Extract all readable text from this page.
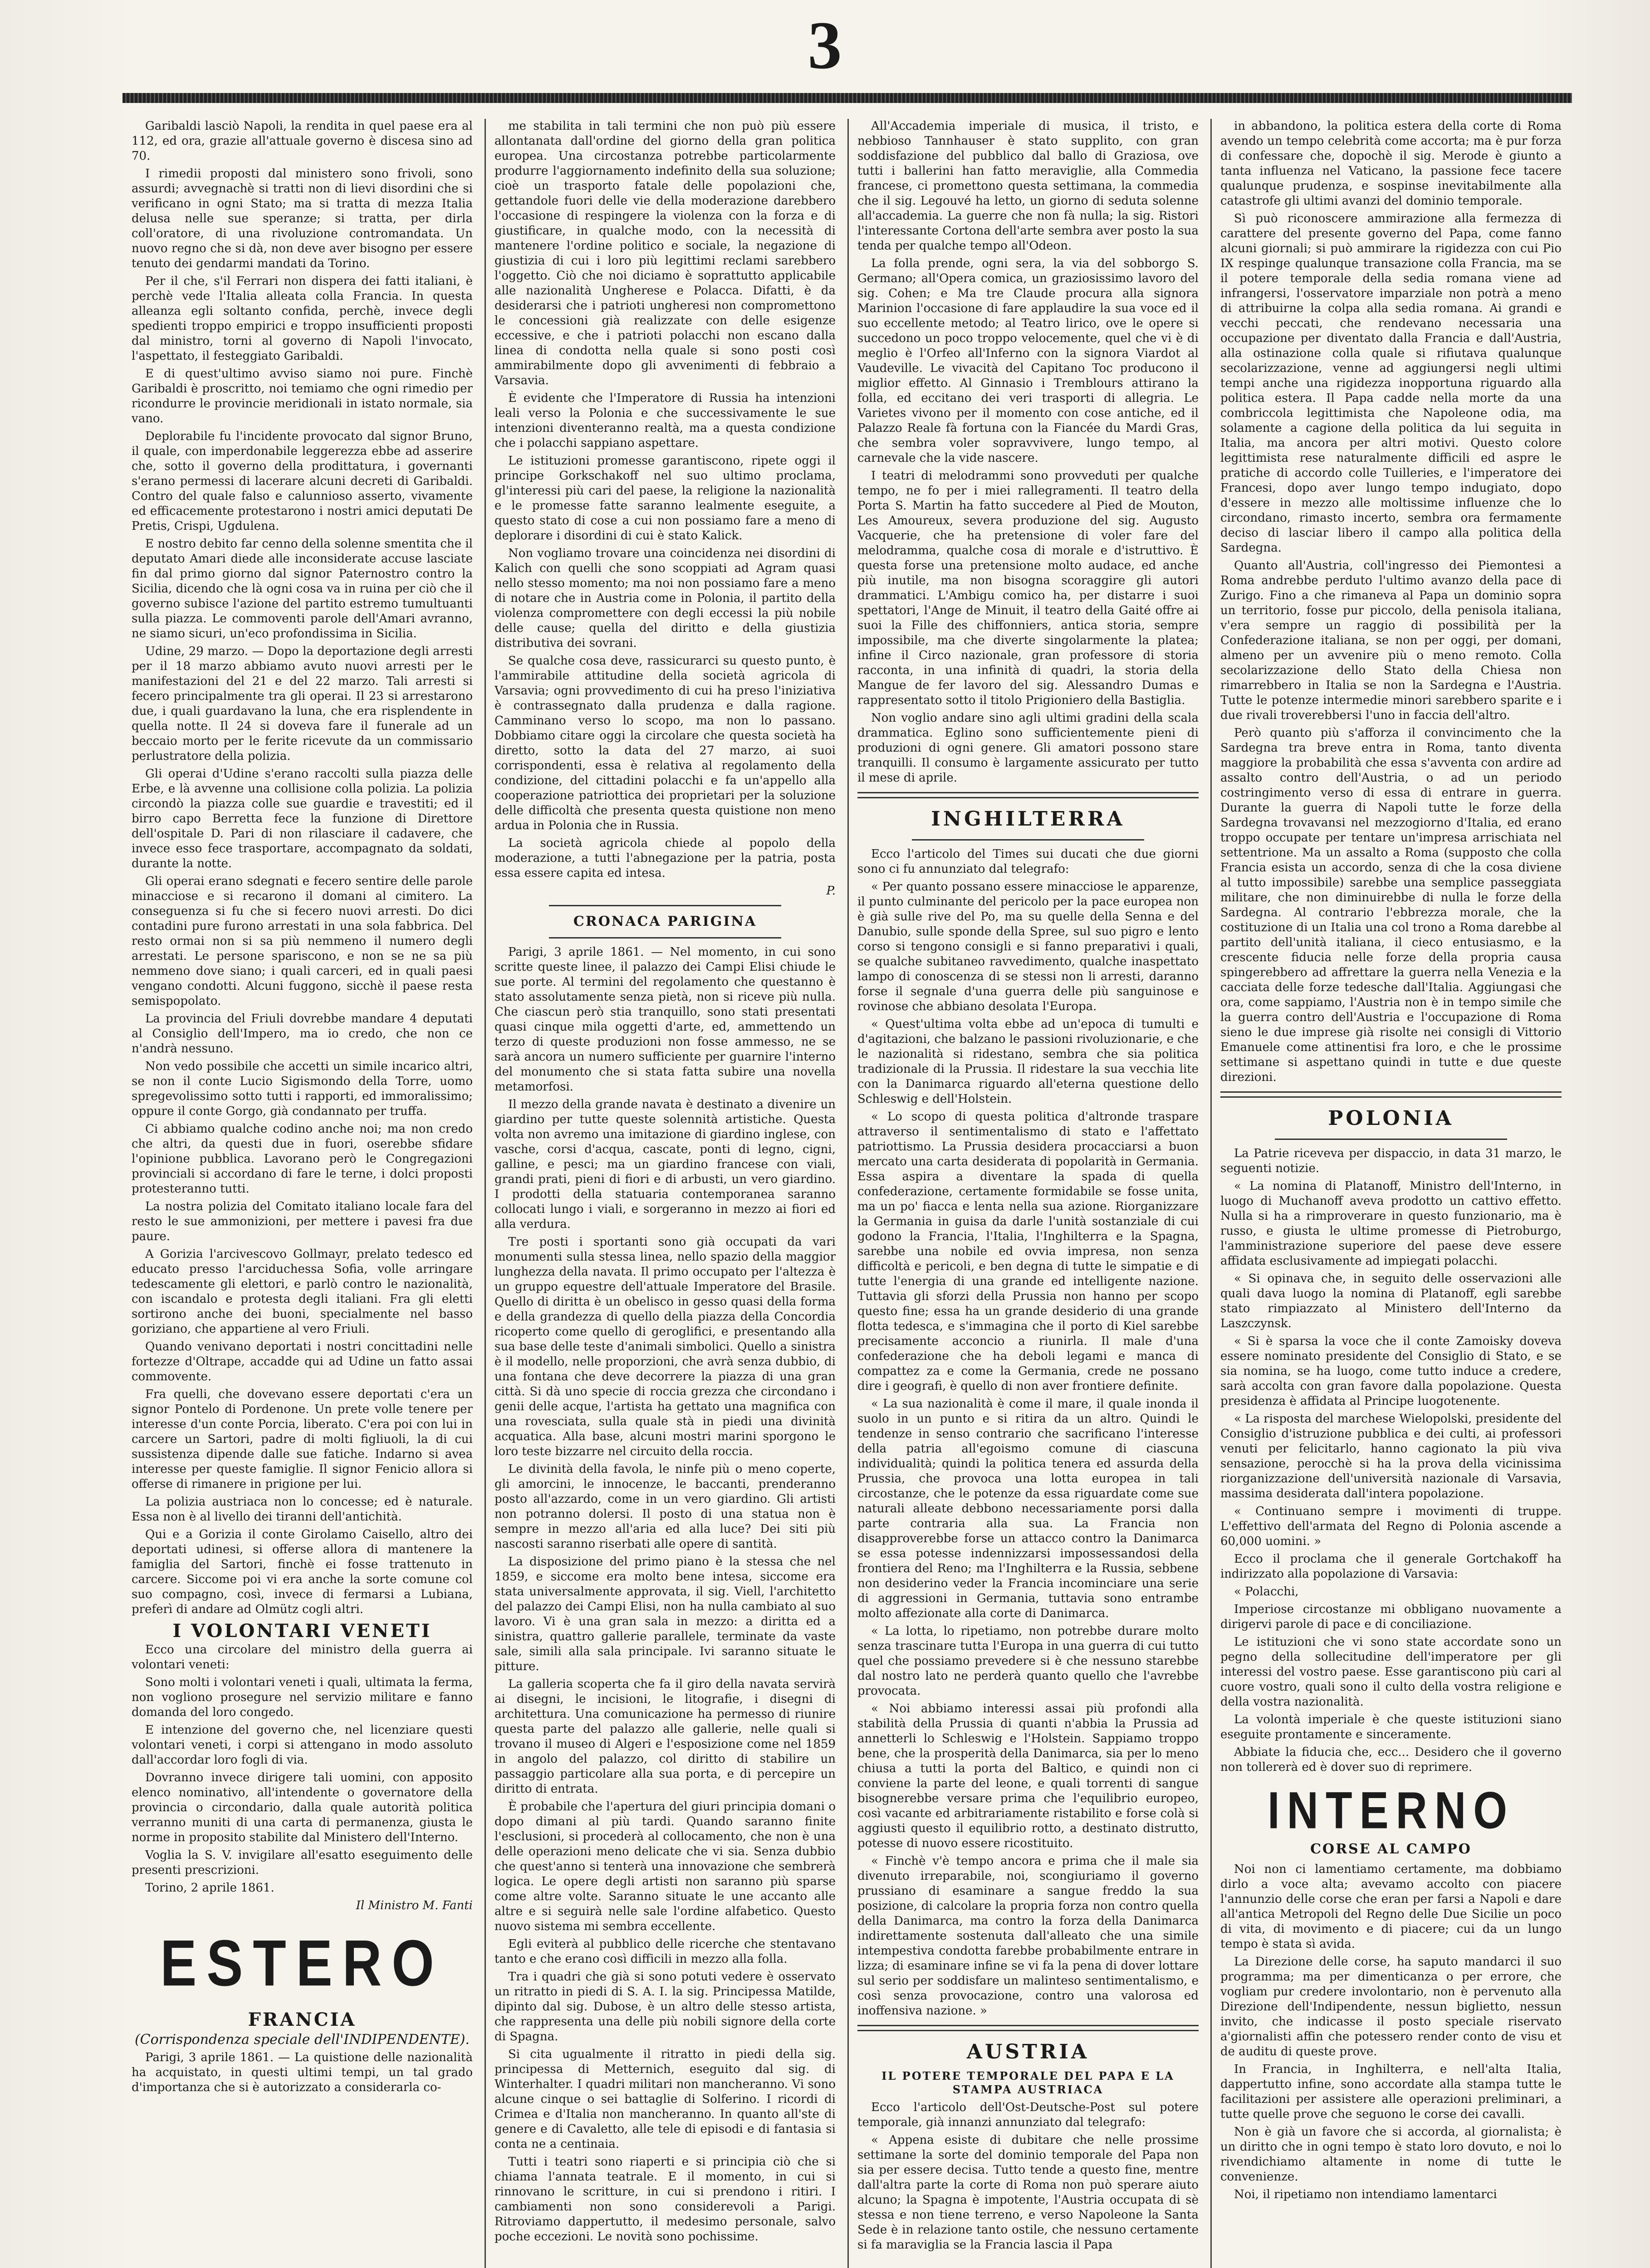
3

Garibaldi lasciò Napoli, la rendita in quel paese era al 112, ed ora, grazie all'attuale governo è discesa sino ad 70.

I rimedii proposti dal ministero sono frivoli, sono assurdi; avvegnachè si tratti non di lievi disordini che si verificano in ogni Stato; ma si tratta di mezza Italia delusa nelle sue speranze; si tratta, per dirla coll'oratore, di una rivoluzione contromandata. Un nuovo regno che si dà, non deve aver bisogno per essere tenuto dei gendarmi mandati da Torino.

Per il che, s'il Ferrari non dispera dei fatti italiani, è perchè vede l'Italia alleata colla Francia. In questa alleanza egli soltanto confida, perchè, invece degli spedienti troppo empirici e troppo insufficienti proposti dal ministro, torni al governo di Napoli l'invocato, l'aspettato, il festeggiato Garibaldi.

E di quest'ultimo avviso siamo noi pure. Finchè Garibaldi è proscritto, noi temiamo che ogni rimedio per ricondurre le provincie meridionali in istato normale, sia vano.

Deplorabile fu l'incidente provocato dal signor Bruno, il quale, con imperdonabile leggerezza ebbe ad asserire che, sotto il governo della prodittatura, i governanti s'erano permessi di lacerare alcuni decreti di Garibaldi. Contro del quale falso e calunnioso asserto, vivamente ed efficacemente protestarono i nostri amici deputati De Pretis, Crispi, Ugdulena.

E nostro debito far cenno della solenne smentita che il deputato Amari diede alle inconsiderate accuse lasciate fin dal primo giorno dal signor Paternostro contro la Sicilia, dicendo che là ogni cosa va in ruina per ciò che il governo subisce l'azione del partito estremo tumultuanti sulla piazza. Le commoventi parole dell'Amari avranno, ne siamo sicuri, un'eco profondissima in Sicilia.

Udine, 29 marzo. — Dopo la deportazione degli arresti per il 18 marzo abbiamo avuto nuovi arresti per le manifestazioni del 21 e del 22 marzo. Tali arresti si fecero principalmente tra gli operai. Il 23 si arrestarono due, i quali guardavano la luna, che era risplendente in quella notte. Il 24 si doveva fare il funerale ad un beccaio morto per le ferite ricevute da un commissario perlustratore della polizia.

Gli operai d'Udine s'erano raccolti sulla piazza delle Erbe, e là avvenne una collisione colla polizia. La polizia circondò la piazza colle sue guardie e travestiti; ed il birro capo Berretta fece la funzione di Direttore dell'ospitale D. Pari di non rilasciare il cadavere, che invece esso fece trasportare, accompagnato da soldati, durante la notte.

Gli operai erano sdegnati e fecero sentire delle parole minacciose e si recarono il domani al cimitero. La conseguenza si fu che si fecero nuovi arresti. Do dici contadini pure furono arrestati in una sola fabbrica. Del resto ormai non si sa più nemmeno il numero degli arrestati. Le persone spariscono, e non se ne sa più nemmeno dove siano; i quali carceri, ed in quali paesi vengano condotti. Alcuni fuggono, sicchè il paese resta semispopolato.

La provincia del Friuli dovrebbe mandare 4 deputati al Consiglio dell'Impero, ma io credo, che non ce n'andrà nessuno.

Non vedo possibile che accetti un simile incarico altri, se non il conte Lucio Sigismondo della Torre, uomo spregevolissimo sotto tutti i rapporti, ed immoralissimo; oppure il conte Gorgo, già condannato per truffa.

Ci abbiamo qualche codino anche noi; ma non credo che altri, da questi due in fuori, oserebbe sfidare l'opinione pubblica. Lavorano però le Congregazioni provinciali si accordano di fare le terne, i dolci proposti protesteranno tutti.

La nostra polizia del Comitato italiano locale fara del resto le sue ammonizioni, per mettere i pavesi fra due paure.

A Gorizia l'arcivescovo Gollmayr, prelato tedesco ed educato presso l'arciduchessa Sofia, volle arringare tedescamente gli elettori, e parlò contro le nazionalità, con iscandalo e protesta degli italiani. Fra gli eletti sortirono anche dei buoni, specialmente nel basso goriziano, che appartiene al vero Friuli.

Quando venivano deportati i nostri concittadini nelle fortezze d'Oltrape, accadde qui ad Udine un fatto assai commovente.

Fra quelli, che dovevano essere deportati c'era un signor Pontelo di Pordenone. Un prete volle tenere per interesse d'un conte Porcia, liberato. C'era poi con lui in carcere un Sartori, padre di molti figliuoli, la di cui sussistenza dipende dalle sue fatiche. Indarno si avea interesse per queste famiglie. Il signor Fenicio allora si offerse di rimanere in prigione per lui.

La polizia austriaca non lo concesse; ed è naturale. Essa non è al livello dei tiranni dell'antichità.

Qui e a Gorizia il conte Girolamo Caisello, altro dei deportati udinesi, si offerse allora di mantenere la famiglia del Sartori, finchè ei fosse trattenuto in carcere. Siccome poi vi era anche la sorte comune col suo compagno, così, invece di fermarsi a Lubiana, preferì di andare ad Olmütz cogli altri.

I VOLONTARI VENETI

Ecco una circolare del ministro della guerra ai volontari veneti:

Sono molti i volontari veneti i quali, ultimata la ferma, non vogliono prosegure nel servizio militare e fanno domanda del loro congedo.

E intenzione del governo che, nel licenziare questi volontari veneti, i corpi si attengano in modo assoluto dall'accordar loro fogli di via.

Dovranno invece dirigere tali uomini, con apposito elenco nominativo, all'intendente o governatore della provincia o circondario, dalla quale autorità politica verranno muniti di una carta di permanenza, giusta le norme in proposito stabilite dal Ministero dell'Interno.

Voglia la S. V. invigilare all'esatto eseguimento delle presenti prescrizioni.

Torino, 2 aprile 1861.

Il Ministro M. Fanti
ESTERO
FRANCIA
(Corrispondenza speciale dell'INDIPENDENTE).

Parigi, 3 aprile 1861. — La quistione delle nazionalità ha acquistato, in questi ultimi tempi, un tal grado d'importanza che si è autorizzato a considerarla co-

me stabilita in tali termini che non può più essere allontanata dall'ordine del giorno della gran politica europea. Una circostanza potrebbe particolarmente produrre l'aggiornamento indefinito della sua soluzione; cioè un trasporto fatale delle popolazioni che, gettandole fuori delle vie della moderazione darebbero l'occasione di respingere la violenza con la forza e di giustificare, in qualche modo, con la necessità di mantenere l'ordine politico e sociale, la negazione di giustizia di cui i loro più legittimi reclami sarebbero l'oggetto. Ciò che noi diciamo è soprattutto applicabile alle nazionalità Ungherese e Polacca. Difatti, è da desiderarsi che i patrioti ungheresi non compromettono le concessioni già realizzate con delle esigenze eccessive, e che i patrioti polacchi non escano dalla linea di condotta nella quale si sono posti così ammirabilmente dopo gli avvenimenti di febbraio a Varsavia.

È evidente che l'Imperatore di Russia ha intenzioni leali verso la Polonia e che successivamente le sue intenzioni diventeranno realtà, ma a questa condizione che i polacchi sappiano aspettare.

Le istituzioni promesse garantiscono, ripete oggi il principe Gorkschakoff nel suo ultimo proclama, gl'interessi più cari del paese, la religione la nazionalità e le promesse fatte saranno lealmente eseguite, a questo stato di cose a cui non possiamo fare a meno di deplorare i disordini di cui è stato Kalick.

Non vogliamo trovare una coincidenza nei disordini di Kalich con quelli che sono scoppiati ad Agram quasi nello stesso momento; ma noi non possiamo fare a meno di notare che in Austria come in Polonia, il partito della violenza compromettere con degli eccessi la più nobile delle cause; quella del diritto e della giustizia distributiva dei sovrani.

Se qualche cosa deve, rassicurarci su questo punto, è l'ammirabile attitudine della società agricola di Varsavia; ogni provvedimento di cui ha preso l'iniziativa è contrassegnato dalla prudenza e dalla ragione. Camminano verso lo scopo, ma non lo passano. Dobbiamo citare oggi la circolare che questa società ha diretto, sotto la data del 27 marzo, ai suoi corrispondenti, essa è relativa al regolamento della condizione, del cittadini polacchi e fa un'appello alla cooperazione patriottica dei proprietari per la soluzione delle difficoltà che presenta questa quistione non meno ardua in Polonia che in Russia.

La società agricola chiede al popolo della moderazione, a tutti l'abnegazione per la patria, posta essa essere capita ed intesa.

P.
CRONACA PARIGINA

Parigi, 3 aprile 1861. — Nel momento, in cui sono scritte queste linee, il palazzo dei Campi Elisi chiude le sue porte. Al termini del regolamento che questanno è stato assolutamente senza pietà, non si riceve più nulla. Che ciascun però stia tranquillo, sono stati presentati quasi cinque mila oggetti d'arte, ed, ammettendo un terzo di queste produzioni non fosse ammesso, ne se sarà ancora un numero sufficiente per guarnire l'interno del monumento che si stata fatta subire una novella metamorfosi.

Il mezzo della grande navata è destinato a divenire un giardino per tutte queste solennità artistiche. Questa volta non avremo una imitazione di giardino inglese, con vasche, corsi d'acqua, cascate, ponti di legno, cigni, galline, e pesci; ma un giardino francese con viali, grandi prati, pieni di fiori e di arbusti, un vero giardino. I prodotti della statuaria contemporanea saranno collocati lungo i viali, e sorgeranno in mezzo ai fiori ed alla verdura.

Tre posti i sportanti sono già occupati da vari monumenti sulla stessa linea, nello spazio della maggior lunghezza della navata. Il primo occupato per l'altezza è un gruppo equestre dell'attuale Imperatore del Brasile. Quello di diritta è un obelisco in gesso quasi della forma e della grandezza di quello della piazza della Concordia ricoperto come quello di geroglifici, e presentando alla sua base delle teste d'animali simbolici. Quello a sinistra è il modello, nelle proporzioni, che avrà senza dubbio, di una fontana che deve decorrere la piazza di una gran città. Si dà uno specie di roccia grezza che circondano i genii delle acque, l'artista ha gettato una magnifica con una rovesciata, sulla quale stà in piedi una divinità acquatica. Alla base, alcuni mostri marini sporgono le loro teste bizzarre nel circuito della roccia.

Le divinità della favola, le ninfe più o meno coperte, gli amorcini, le innocenze, le baccanti, prenderanno posto all'azzardo, come in un vero giardino. Gli artisti non potranno dolersi. Il posto di una statua non è sempre in mezzo all'aria ed alla luce? Dei siti più nascosti saranno riserbati alle opere di santità.

La disposizione del primo piano è la stessa che nel 1859, e siccome era molto bene intesa, siccome era stata universalmente approvata, il sig. Viell, l'architetto del palazzo dei Campi Elisi, non ha nulla cambiato al suo lavoro. Vi è una gran sala in mezzo: a diritta ed a sinistra, quattro gallerie parallele, terminate da vaste sale, simili alla sala principale. Ivi saranno situate le pitture.

La galleria scoperta che fa il giro della navata servirà ai disegni, le incisioni, le litografie, i disegni di architettura. Una comunicazione ha permesso di riunire questa parte del palazzo alle gallerie, nelle quali si trovano il museo di Algeri e l'esposizione come nel 1859 in angolo del palazzo, col diritto di stabilire un passaggio particolare alla sua porta, e di percepire un diritto di entrata.

È probabile che l'apertura del giuri principia domani o dopo dimani al più tardi. Quando saranno finite l'esclusioni, si procederà al collocamento, che non è una delle operazioni meno delicate che vi sia. Senza dubbio che quest'anno si tenterà una innovazione che sembrerà logica. Le opere degli artisti non saranno più sparse come altre volte. Saranno situate le une accanto alle altre e si seguirà nelle sale l'ordine alfabetico. Questo nuovo sistema mi sembra eccellente.

Egli eviterà al pubblico delle ricerche che stentavano tanto e che erano così difficili in mezzo alla folla.

Tra i quadri che già si sono potuti vedere è osservato un ritratto in piedi di S. A. I. la sig. Principessa Matilde, dipinto dal sig. Dubose, è un altro delle stesso artista, che rappresenta una delle più nobili signore della corte di Spagna.

Si cita ugualmente il ritratto in piedi della sig. principessa di Metternich, eseguito dal sig. di Winterhalter. I quadri militari non mancheranno. Vi sono alcune cinque o sei battaglie di Solferino. I ricordi di Crimea e d'Italia non mancheranno. In quanto all'ste di genere e di Cavaletto, alle tele di episodi e di fantasia si conta ne a centinaia.

Tutti i teatri sono riaperti e si principia ciò che si chiama l'annata teatrale. E il momento, in cui si rinnovano le scritture, in cui si prendono i ritiri. I cambiamenti non sono considerevoli a Parigi. Ritroviamo dappertutto, il medesimo personale, salvo poche eccezioni. Le novità sono pochissime.

All'Accademia imperiale di musica, il tristo, e nebbioso Tannhauser è stato supplito, con gran soddisfazione del pubblico dal ballo di Graziosa, ove tutti i ballerini han fatto meraviglie, alla Commedia francese, ci promettono questa settimana, la commedia che il sig. Legouvé ha letto, un giorno di seduta solenne all'accademia. La guerre che non fà nulla; la sig. Ristori l'interessante Cortona dell'arte sembra aver posto la sua tenda per qualche tempo all'Odeon.

La folla prende, ogni sera, la via del sobborgo S. Germano; all'Opera comica, un graziosissimo lavoro del sig. Cohen; e Ma tre Claude procura alla signora Marinion l'occasione di fare applaudire la sua voce ed il suo eccellente metodo; al Teatro lirico, ove le opere si succedono un poco troppo velocemente, quel che vi è di meglio è l'Orfeo all'Inferno con la signora Viardot al Vaudeville. Le vivacità del Capitano Toc producono il miglior effetto. Al Ginnasio i Tremblours attirano la folla, ed eccitano dei veri trasporti di allegria. Le Varietes vivono per il momento con cose antiche, ed il Palazzo Reale fà fortuna con la Fiancée du Mardi Gras, che sembra voler sopravvivere, lungo tempo, al carnevale che la vide nascere.

I teatri di melodrammi sono provveduti per qualche tempo, ne fo per i miei rallegramenti. Il teatro della Porta S. Martin ha fatto succedere al Pied de Mouton, Les Amoureux, severa produzione del sig. Augusto Vacquerie, che ha pretensione di voler fare del melodramma, qualche cosa di morale e d'istruttivo. È questa forse una pretensione molto audace, ed anche più inutile, ma non bisogna scoraggire gli autori drammatici. L'Ambigu comico ha, per distarre i suoi spettatori, l'Ange de Minuit, il teatro della Gaité offre ai suoi la Fille des chiffonniers, antica storia, sempre impossibile, ma che diverte singolarmente la platea; infine il Circo nazionale, gran professore di storia racconta, in una infinità di quadri, la storia della Mangue de fer lavoro del sig. Alessandro Dumas e rappresentato sotto il titolo Prigioniero della Bastiglia.

Non voglio andare sino agli ultimi gradini della scala drammatica. Eglino sono sufficientemente pieni di produzioni di ogni genere. Gli amatori possono stare tranquilli. Il consumo è largamente assicurato per tutto il mese di aprile.

INGHILTERRA

Ecco l'articolo del Times sui ducati che due giorni sono ci fu annunziato dal telegrafo:

« Per quanto possano essere minacciose le apparenze, il punto culminante del pericolo per la pace europea non è già sulle rive del Po, ma su quelle della Senna e del Danubio, sulle sponde della Spree, sul suo pigro e lento corso si tengono consigli e si fanno preparativi i quali, se qualche subitaneo ravvedimento, qualche inaspettato lampo di conoscenza di se stessi non li arresti, daranno forse il segnale d'una guerra delle più sanguinose e rovinose che abbiano desolata l'Europa.

« Quest'ultima volta ebbe ad un'epoca di tumulti e d'agitazioni, che balzano le passioni rivoluzionarie, e che le nazionalità si ridestano, sembra che sia politica tradizionale di la Prussia. Il ridestare la sua vecchia lite con la Danimarca riguardo all'eterna questione dello Schleswig e dell'Holstein.

« Lo scopo di questa politica d'altronde traspare attraverso il sentimentalismo di stato e l'affettato patriottismo. La Prussia desidera procacciarsi a buon mercato una carta desiderata di popolarità in Germania. Essa aspira a diventare la spada di quella confederazione, certamente formidabile se fosse unita, ma un po' fiacca e lenta nella sua azione. Riorganizzare la Germania in guisa da darle l'unità sostanziale di cui godono la Francia, l'Italia, l'Inghilterra e la Spagna, sarebbe una nobile ed ovvia impresa, non senza difficoltà e pericoli, e ben degna di tutte le simpatie e di tutte l'energia di una grande ed intelligente nazione. Tuttavia gli sforzi della Prussia non hanno per scopo questo fine; essa ha un grande desiderio di una grande flotta tedesca, e s'immagina che il porto di Kiel sarebbe precisamente acconcio a riunirla. Il male d'una confederazione che ha deboli legami e manca di compattez za e come la Germania, crede ne possano dire i geografi, è quello di non aver frontiere definite.

« La sua nazionalità è come il mare, il quale inonda il suolo in un punto e si ritira da un altro. Quindi le tendenze in senso contrario che sacrificano l'interesse della patria all'egoismo comune di ciascuna individualità; quindi la politica tenera ed assurda della Prussia, che provoca una lotta europea in tali circostanze, che le potenze da essa riguardate come sue naturali alleate debbono necessariamente porsi dalla parte contraria alla sua. La Francia non disapproverebbe forse un attacco contro la Danimarca se essa potesse indennizzarsi impossessandosi della frontiera del Reno; ma l'Inghilterra e la Russia, sebbene non desiderino veder la Francia incominciare una serie di aggressioni in Germania, tuttavia sono entrambe molto affezionate alla corte di Danimarca.

« La lotta, lo ripetiamo, non potrebbe durare molto senza trascinare tutta l'Europa in una guerra di cui tutto quel che possiamo prevedere si è che nessuno starebbe dal nostro lato ne perderà quanto quello che l'avrebbe provocata.

« Noi abbiamo interessi assai più profondi alla stabilità della Prussia di quanti n'abbia la Prussia ad annetterli lo Schleswig e l'Holstein. Sappiamo troppo bene, che la prosperità della Danimarca, sia per lo meno chiusa a tutti la porta del Baltico, e quindi non ci conviene la parte del leone, e quali torrenti di sangue bisognerebbe versare prima che l'equilibrio europeo, così vacante ed arbitrariamente ristabilito e forse colà si aggiusti questo il equilibrio rotto, a destinato distrutto, potesse di nuovo essere ricostituito.

« Finchè v'è tempo ancora e prima che il male sia divenuto irreparabile, noi, scongiuriamo il governo prussiano di esaminare a sangue freddo la sua posizione, di calcolare la propria forza non contro quella della Danimarca, ma contro la forza della Danimarca indirettamente sostenuta dall'alleato che una simile intempestiva condotta farebbe probabilmente entrare in lizza; di esaminare infine se vi fa la pena di dover lottare sul serio per soddisfare un malinteso sentimentalismo, e così senza provocazione, contro una valorosa ed inoffensiva nazione. »

AUSTRIA
IL POTERE TEMPORALE DEL PAPA E LA STAMPA AUSTRIACA

Ecco l'articolo dell'Ost-Deutsche-Post sul potere temporale, già innanzi annunziato dal telegrafo:

« Appena esiste di dubitare che nelle prossime settimane la sorte del dominio temporale del Papa non sia per essere decisa. Tutto tende a questo fine, mentre dall'altra parte la corte di Roma non può sperare aiuto alcuno; la Spagna è impotente, l'Austria occupata di sè stessa e non tiene terreno, e verso Napoleone la Santa Sede è in relazione tanto ostile, che nessuno certamente si fa maraviglia se la Francia lascia il Papa

in abbandono, la politica estera della corte di Roma avendo un tempo celebrità come accorta; ma è pur forza di confessare che, dopochè il sig. Merode è giunto a tanta influenza nel Vaticano, la passione fece tacere qualunque prudenza, e sospinse inevitabilmente alla catastrofe gli ultimi avanzi del dominio temporale.

Sì può riconoscere ammirazione alla fermezza di carattere del presente governo del Papa, come fanno alcuni giornali; si può ammirare la rigidezza con cui Pio IX respinge qualunque transazione colla Francia, ma se il potere temporale della sedia romana viene ad infrangersi, l'osservatore imparziale non potrà a meno di attribuirne la colpa alla sedia romana. Ai grandi e vecchi peccati, che rendevano necessaria una occupazione per diventato dalla Francia e dall'Austria, alla ostinazione colla quale si rifiutava qualunque secolarizzazione, venne ad aggiungersi negli ultimi tempi anche una rigidezza inopportuna riguardo alla politica estera. Il Papa cadde nella morte da una combriccola legittimista che Napoleone odia, ma solamente a cagione della politica da lui seguita in Italia, ma ancora per altri motivi. Questo colore legittimista rese naturalmente difficili ed aspre le pratiche di accordo colle Tuilleries, e l'imperatore dei Francesi, dopo aver lungo tempo indugiato, dopo d'essere in mezzo alle moltissime influenze che lo circondano, rimasto incerto, sembra ora fermamente deciso di lasciar libero il campo alla politica della Sardegna.

Quanto all'Austria, coll'ingresso dei Piemontesi a Roma andrebbe perduto l'ultimo avanzo della pace di Zurigo. Fino a che rimaneva al Papa un dominio sopra un territorio, fosse pur piccolo, della penisola italiana, v'era sempre un raggio di possibilità per la Confederazione italiana, se non per oggi, per domani, almeno per un avvenire più o meno remoto. Colla secolarizzazione dello Stato della Chiesa non rimarrebbero in Italia se non la Sardegna e l'Austria. Tutte le potenze intermedie minori sarebbero sparite e i due rivali troverebbersi l'uno in faccia dell'altro.

Però quanto più s'afforza il convincimento che la Sardegna tra breve entra in Roma, tanto diventa maggiore la probabilità che essa s'avventa con ardire ad assalto contro dell'Austria, o ad un periodo costringimento verso di essa di entrare in guerra. Durante la guerra di Napoli tutte le forze della Sardegna trovavansi nel mezzogiorno d'Italia, ed erano troppo occupate per tentare un'impresa arrischiata nel settentrione. Ma un assalto a Roma (supposto che colla Francia esista un accordo, senza di che la cosa diviene al tutto impossibile) sarebbe una semplice passeggiata militare, che non diminuirebbe di nulla le forze della Sardegna. Al contrario l'ebbrezza morale, che la costituzione di un Italia una col trono a Roma darebbe al partito dell'unità italiana, il cieco entusiasmo, e la crescente fiducia nelle forze della propria causa spingerebbero ad affrettare la guerra nella Venezia e la cacciata delle forze tedesche dall'Italia. Aggiungasi che ora, come sappiamo, l'Austria non è in tempo simile che la guerra contro dell'Austria e l'occupazione di Roma sieno le due imprese già risolte nei consigli di Vittorio Emanuele come attinentisi fra loro, e che le prossime settimane si aspettano quindi in tutte e due queste direzioni.

POLONIA

La Patrie riceveva per dispaccio, in data 31 marzo, le seguenti notizie.

« La nomina di Platanoff, Ministro dell'Interno, in luogo di Muchanoff aveva prodotto un cattivo effetto. Nulla si ha a rimproverare in questo funzionario, ma è russo, e giusta le ultime promesse di Pietroburgo, l'amministrazione superiore del paese deve essere affidata esclusivamente ad impiegati polacchi.

« Si opinava che, in seguito delle osservazioni alle quali dava luogo la nomina di Platanoff, egli sarebbe stato rimpiazzato al Ministero dell'Interno da Laszczynsk.

« Si è sparsa la voce che il conte Zamoisky doveva essere nominato presidente del Consiglio di Stato, e se sia nomina, se ha luogo, come tutto induce a credere, sarà accolta con gran favore dalla popolazione. Questa presidenza è affidata al Principe luogotenente.

« La risposta del marchese Wielopolski, presidente del Consiglio d'istruzione pubblica e dei culti, ai professori venuti per felicitarlo, hanno cagionato la più viva sensazione, perocchè si ha la prova della vicinissima riorganizzazione dell'università nazionale di Varsavia, massima desiderata dall'intera popolazione.

« Continuano sempre i movimenti di truppe. L'effettivo dell'armata del Regno di Polonia ascende a 60,000 uomini. »

Ecco il proclama che il generale Gortchakoff ha indirizzato alla popolazione di Varsavia:

« Polacchi,

Imperiose circostanze mi obbligano nuovamente a dirigervi parole di pace e di conciliazione.

Le istituzioni che vi sono state accordate sono un pegno della sollecitudine dell'imperatore per gli interessi del vostro paese. Esse garantiscono più cari al cuore vostro, quali sono il culto della vostra religione e della vostra nazionalità.

La volontà imperiale è che queste istituzioni siano eseguite prontamente e sinceramente.

Abbiate la fiducia che, ecc... Desidero che il governo non tollererà ed è dover suo di reprimere.

INTERNO
CORSE AL CAMPO

Noi non ci lamentiamo certamente, ma dobbiamo dirlo a voce alta; avevamo accolto con piacere l'annunzio delle corse che eran per farsi a Napoli e dare all'antica Metropoli del Regno delle Due Sicilie un poco di vita, di movimento e di piacere; cui da un lungo tempo è stata sì avida.

La Direzione delle corse, ha saputo mandarci il suo programma; ma per dimenticanza o per errore, che vogliam pur credere involontario, non è pervenuto alla Direzione dell'Indipendente, nessun biglietto, nessun invito, che indicasse il posto speciale riservato a'giornalisti affin che potessero render conto de visu et de auditu di queste prove.

In Francia, in Inghilterra, e nell'alta Italia, dappertutto infine, sono accordate alla stampa tutte le facilitazioni per assistere alle operazioni preliminari, a tutte quelle prove che seguono le corse dei cavalli.

Non è già un favore che si accorda, al giornalista; è un diritto che in ogni tempo è stato loro dovuto, e noi lo rivendichiamo altamente in nome di tutte le convenienze.

Noi, il ripetiamo non intendiamo lamentarci
